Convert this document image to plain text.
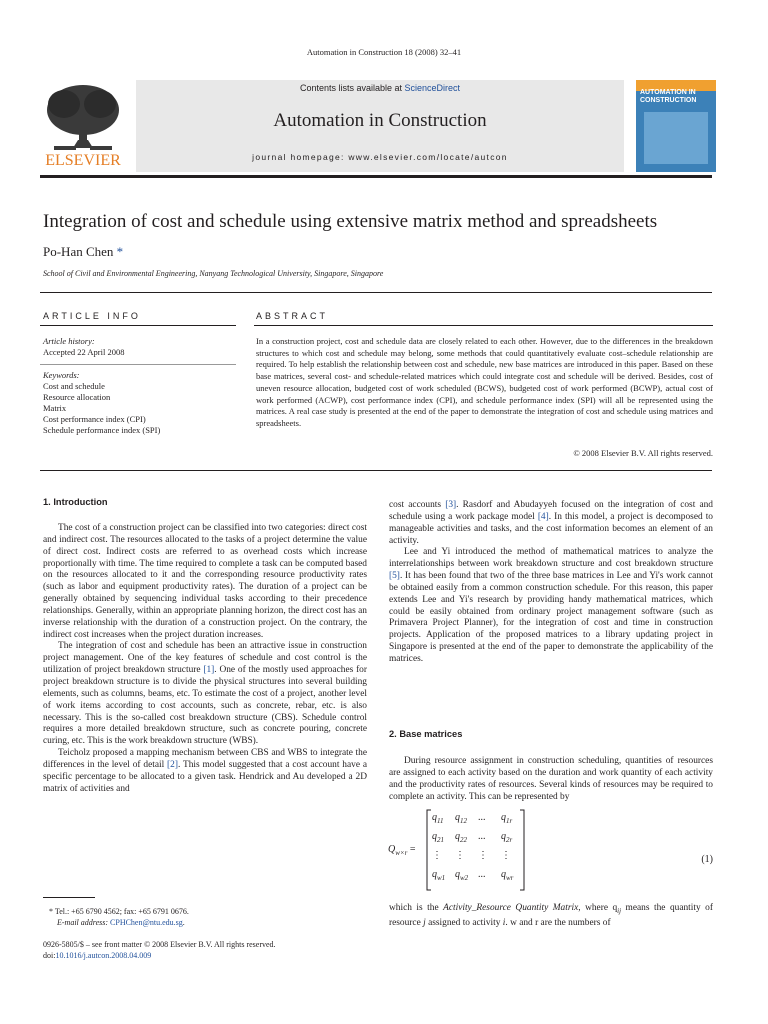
Automation in Construction 18 (2008) 32–41
ELSEVIER
Contents lists available at ScienceDirect
Automation in Construction
journal homepage: www.elsevier.com/locate/autcon
AUTOMATION IN CONSTRUCTION
Integration of cost and schedule using extensive matrix method and spreadsheets
Po-Han Chen *
School of Civil and Environmental Engineering, Nanyang Technological University, Singapore, Singapore
ARTICLE INFO	ABSTRACT
Article history:
Accepted 22 April 2008
Keywords:
Cost and schedule
Resource allocation
Matrix
Cost performance index (CPI)
Schedule performance index (SPI)
In a construction project, cost and schedule data are closely related to each other. However, due to the differences in the breakdown structures to which cost and schedule may belong, some methods that could quantitatively evaluate cost–schedule relationship are required. To help establish the relationship between cost and schedule, new base matrices are introduced in this paper. Based on these base matrices, several cost- and schedule-related matrices which could integrate cost and schedule will be derived. Besides, cost of uneven resource allocation, budgeted cost of work scheduled (BCWS), budgeted cost of work performed (BCWP), actual cost of work performed (ACWP), cost performance index (CPI), and schedule performance index (SPI) will all be represented using the matrices. A real case study is presented at the end of the paper to demonstrate the integration of cost and schedule using matrices and spreadsheets.
© 2008 Elsevier B.V. All rights reserved.
1. Introduction

The cost of a construction project can be classified into two categories: direct cost and indirect cost. The resources allocated to the tasks of a project determine the value of direct cost. Indirect costs are referred to as overhead costs which increase proportionally with time. The time required to complete a task can be computed based on the resources allocated to it and the corresponding resource productivity rates (such as labor and equipment productivity rates). The duration of a project can be generally obtained by sequencing individual tasks according to their precedence relationships. Generally, within an appropriate planning horizon, the direct cost has an inverse relationship with the duration of a construction project. On the contrary, the indirect cost increases when the project duration increases.

The integration of cost and schedule has been an attractive issue in construction project management. One of the key features of schedule and cost control is the utilization of project breakdown structure [1]. One of the mostly used approaches for project breakdown structure is to divide the physical structures into several building elements, such as columns, beams, etc. To estimate the cost of a project, another level of work items according to cost accounts, such as concrete, rebar, etc. is also necessary. This is the so-called cost breakdown structure (CBS). Schedule control requires a more detailed breakdown structure, such as concrete pouring, concrete curing, etc. This is the work breakdown structure (WBS).

Teicholz proposed a mapping mechanism between CBS and WBS to integrate the differences in the level of detail [2]. This model suggested that a cost account have a specific percentage to be allocated to a given task. Hendrick and Au developed a 2D matrix of activities and

* Tel.: +65 6790 4562; fax: +65 6791 0676.
E-mail address: CPHChen@ntu.edu.sg.
0926-5805/$ – see front matter © 2008 Elsevier B.V. All rights reserved.
doi:10.1016/j.autcon.2008.04.009

cost accounts [3]. Rasdorf and Abudayyeh focused on the integration of cost and schedule using a work package model [4]. In this model, a project is decomposed to manageable activities and tasks, and the cost information becomes an element of an activity.

Lee and Yi introduced the method of mathematical matrices to analyze the interrelationships between work breakdown structure and cost breakdown structure [5]. It has been found that two of the three base matrices in Lee and Yi's work cannot be obtained easily from a common construction schedule. For this reason, this paper extends Lee and Yi's research by providing handy mathematical matrices, which could be easily obtained from ordinary project management software (such as Primavera Project Planner), for the integration of cost and time in construction projects. Application of the proposed matrices to a library updating project in Singapore is presented at the end of the paper to demonstrate the applicability of the matrices.

2. Base matrices

During resource assignment in construction scheduling, quantities of resources are assigned to each activity based on the duration and work quantity of each activity and the productivity rates of resources. Several kinds of resources may be required to complete an activity. This can be represented by

$Q_{w\times r}$ =
$q_{11}$ $q_{12}$ ... $q_{1r}$
$q_{21}$ $q_{22}$ ... $q_{2r}$
⋮ ⋮ ⋮ ⋮
$q_{w1}$ $q_{w2}$ ... $q_{wr}$
(1)

which is the Activity_Resource Quantity Matrix, where $q_{ij}$ means the quantity of resource j assigned to activity i. w and r are the numbers of
